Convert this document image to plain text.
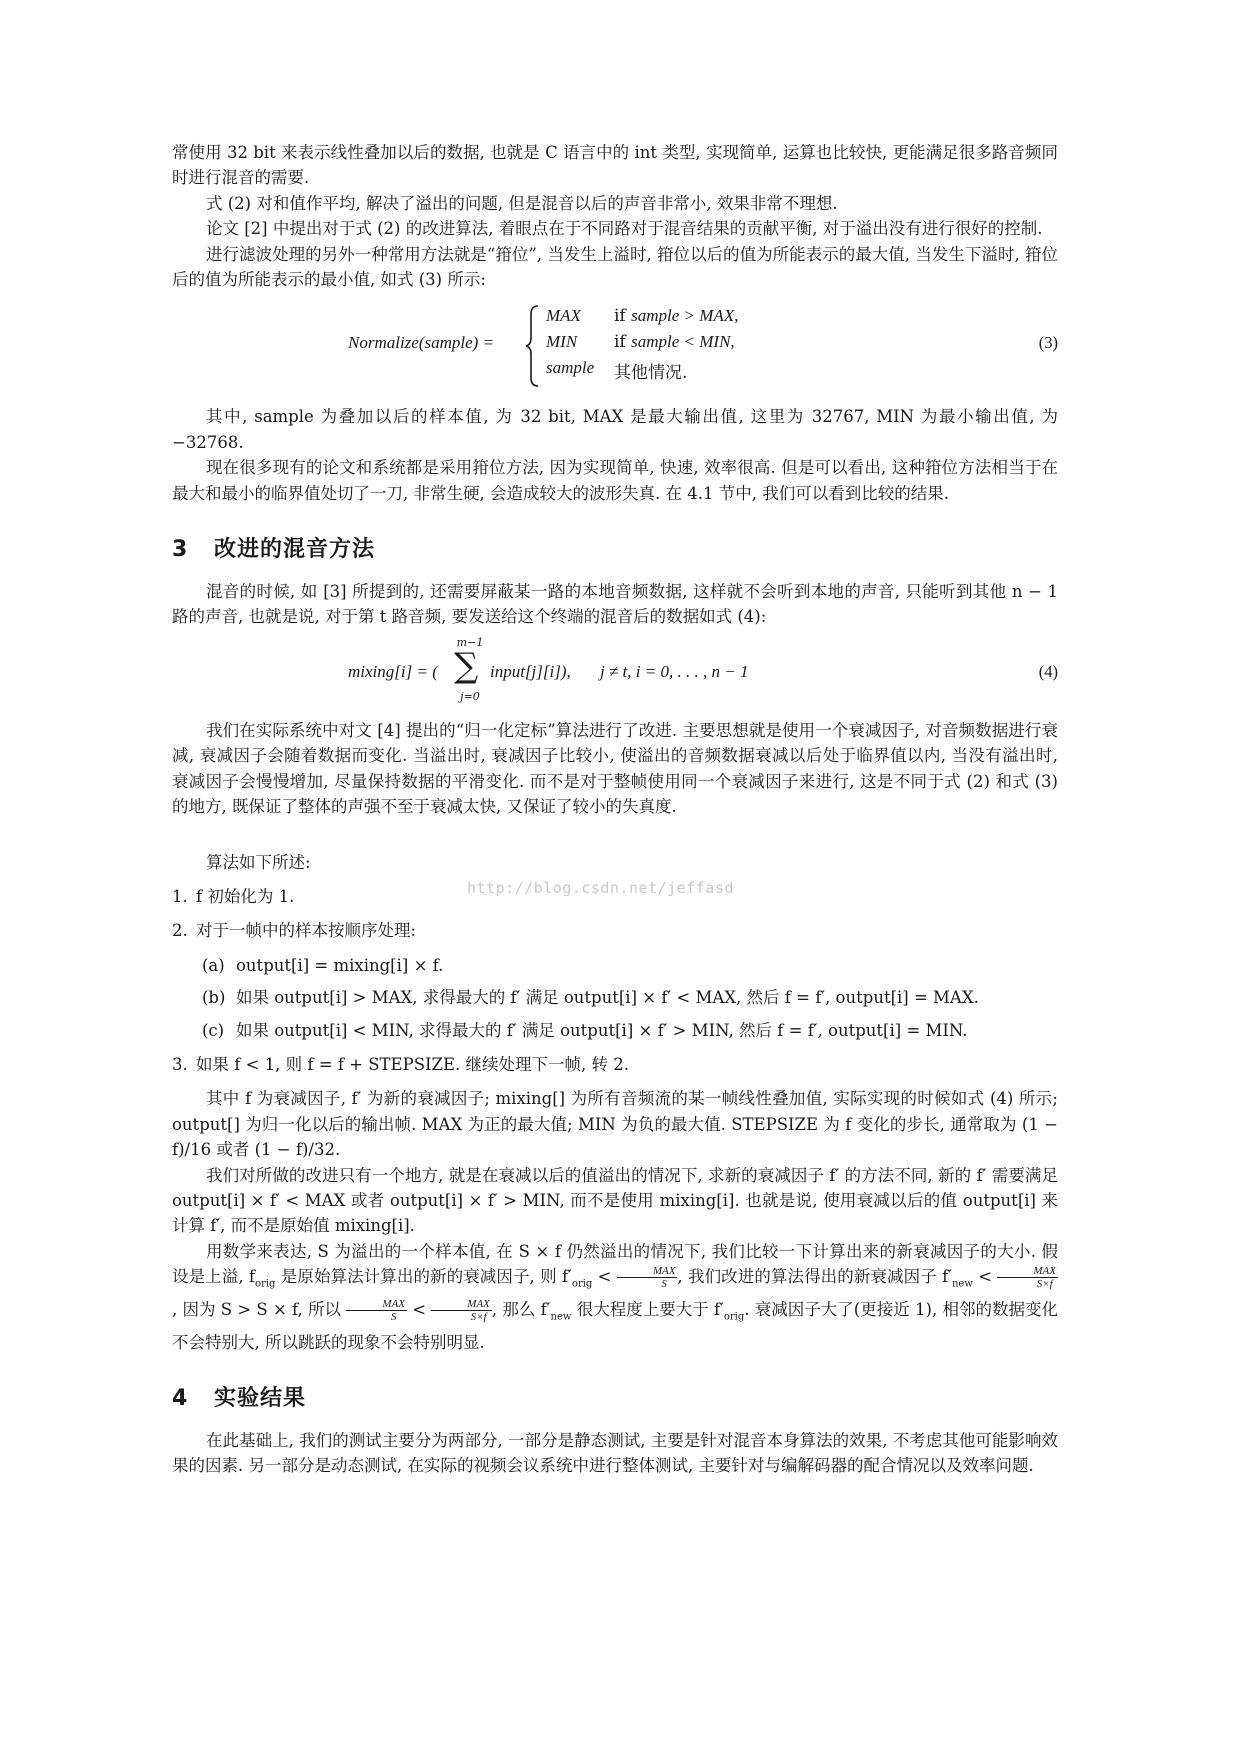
常使用 32 bit 来表示线性叠加以后的数据, 也就是 C 语言中的 int 类型, 实现简单, 运算也比较快, 更能满足很多路音频同时进行混音的需要.

式 (2) 对和值作平均, 解决了溢出的问题, 但是混音以后的声音非常小, 效果非常不理想.

论文 [2] 中提出对于式 (2) 的改进算法, 着眼点在于不同路对于混音结果的贡献平衡, 对于溢出没有进行很好的控制.

进行滤波处理的另外一种常用方法就是“箝位”, 当发生上溢时, 箝位以后的值为所能表示的最大值, 当发生下溢时, 箝位后的值为所能表示的最小值, 如式 (3) 所示:

Normalize(sample) =
MAX if sample > MAX,
MIN if sample < MIN,
sample 其他情况.
(3)

其中, sample 为叠加以后的样本值, 为 32 bit, MAX 是最大输出值, 这里为 32767, MIN 为最小输出值, 为 −32768.

现在很多现有的论文和系统都是采用箝位方法, 因为实现简单, 快速, 效率很高. 但是可以看出, 这种箝位方法相当于在最大和最小的临界值处切了一刀, 非常生硬, 会造成较大的波形失真. 在 4.1 节中, 我们可以看到比较的结果.

3 改进的混音方法

混音的时候, 如 [3] 所提到的, 还需要屏蔽某一路的本地音频数据, 这样就不会听到本地的声音, 只能听到其他 n − 1 路的声音, 也就是说, 对于第 t 路音频, 要发送给这个终端的混音后的数据如式 (4):

mixing[i] = (
m−1
∑
j=0
input[j][i]), j ≠ t, i = 0, . . . , n − 1	(4)

我们在实际系统中对文 [4] 提出的“归一化定标”算法进行了改进. 主要思想就是使用一个衰减因子, 对音频数据进行衰减, 衰减因子会随着数据而变化. 当溢出时, 衰减因子比较小, 使溢出的音频数据衰减以后处于临界值以内, 当没有溢出时, 衰减因子会慢慢增加, 尽量保持数据的平滑变化. 而不是对于整帧使用同一个衰减因子来进行, 这是不同于式 (2) 和式 (3) 的地方, 既保证了整体的声强不至于衰减太快, 又保证了较小的失真度.

算法如下所述:

1. f 初始化为 1.
2. 对于一帧中的样本按顺序处理:
(a) output[i] = mixing[i] × f.
(b) 如果 output[i] > MAX, 求得最大的 f′ 满足 output[i] × f′ < MAX, 然后 f = f′, output[i] = MAX.
(c) 如果 output[i] < MIN, 求得最大的 f′ 满足 output[i] × f′ > MIN, 然后 f = f′, output[i] = MIN.
3. 如果 f < 1, 则 f = f + STEPSIZE. 继续处理下一帧, 转 2.

其中 f 为衰减因子, f′ 为新的衰减因子; mixing[] 为所有音频流的某一帧线性叠加值, 实际实现的时候如式 (4) 所示; output[] 为归一化以后的输出帧. MAX 为正的最大值; MIN 为负的最大值. STEPSIZE 为 f 变化的步长, 通常取为 (1 − f)/16 或者 (1 − f)/32.

我们对所做的改进只有一个地方, 就是在衰减以后的值溢出的情况下, 求新的衰减因子 f′ 的方法不同, 新的 f′ 需要满足 output[i] × f′ < MAX 或者 output[i] × f′ > MIN, 而不是使用 mixing[i]. 也就是说, 使用衰减以后的值 output[i] 来计算 f′, 而不是原始值 mixing[i].

用数学来表达, S 为溢出的一个样本值, 在 S × f 仍然溢出的情况下, 我们比较一下计算出来的新衰减因子的大小. 假设是上溢, $f_{orig}$ 是原始算法计算出的新的衰减因子, 则 $f'_{orig} < \frac{\text{MAX}}{S}$ , 我们改进的算法得出的新衰减因子 $f'_{new} < \frac{\text{MAX}}{S\times f}$
, 因为 S > S × f, 所以 $\frac{\text{MAX}}{S} < \frac{\text{MAX}}{S\times f}$ , 那么 $f'_{new}$ 很大程度上要大于 $f'_{orig}$. 衰减因子大了(更接近 1), 相邻的数据变化不会特别大, 所以跳跃的现象不会特别明显.

4 实验结果

在此基础上, 我们的测试主要分为两部分, 一部分是静态测试, 主要是针对混音本身算法的效果, 不考虑其他可能影响效果的因素. 另一部分是动态测试, 在实际的视频会议系统中进行整体测试, 主要针对与编解码器的配合情况以及效率问题.

http://blog.csdn.net/jeffasd
